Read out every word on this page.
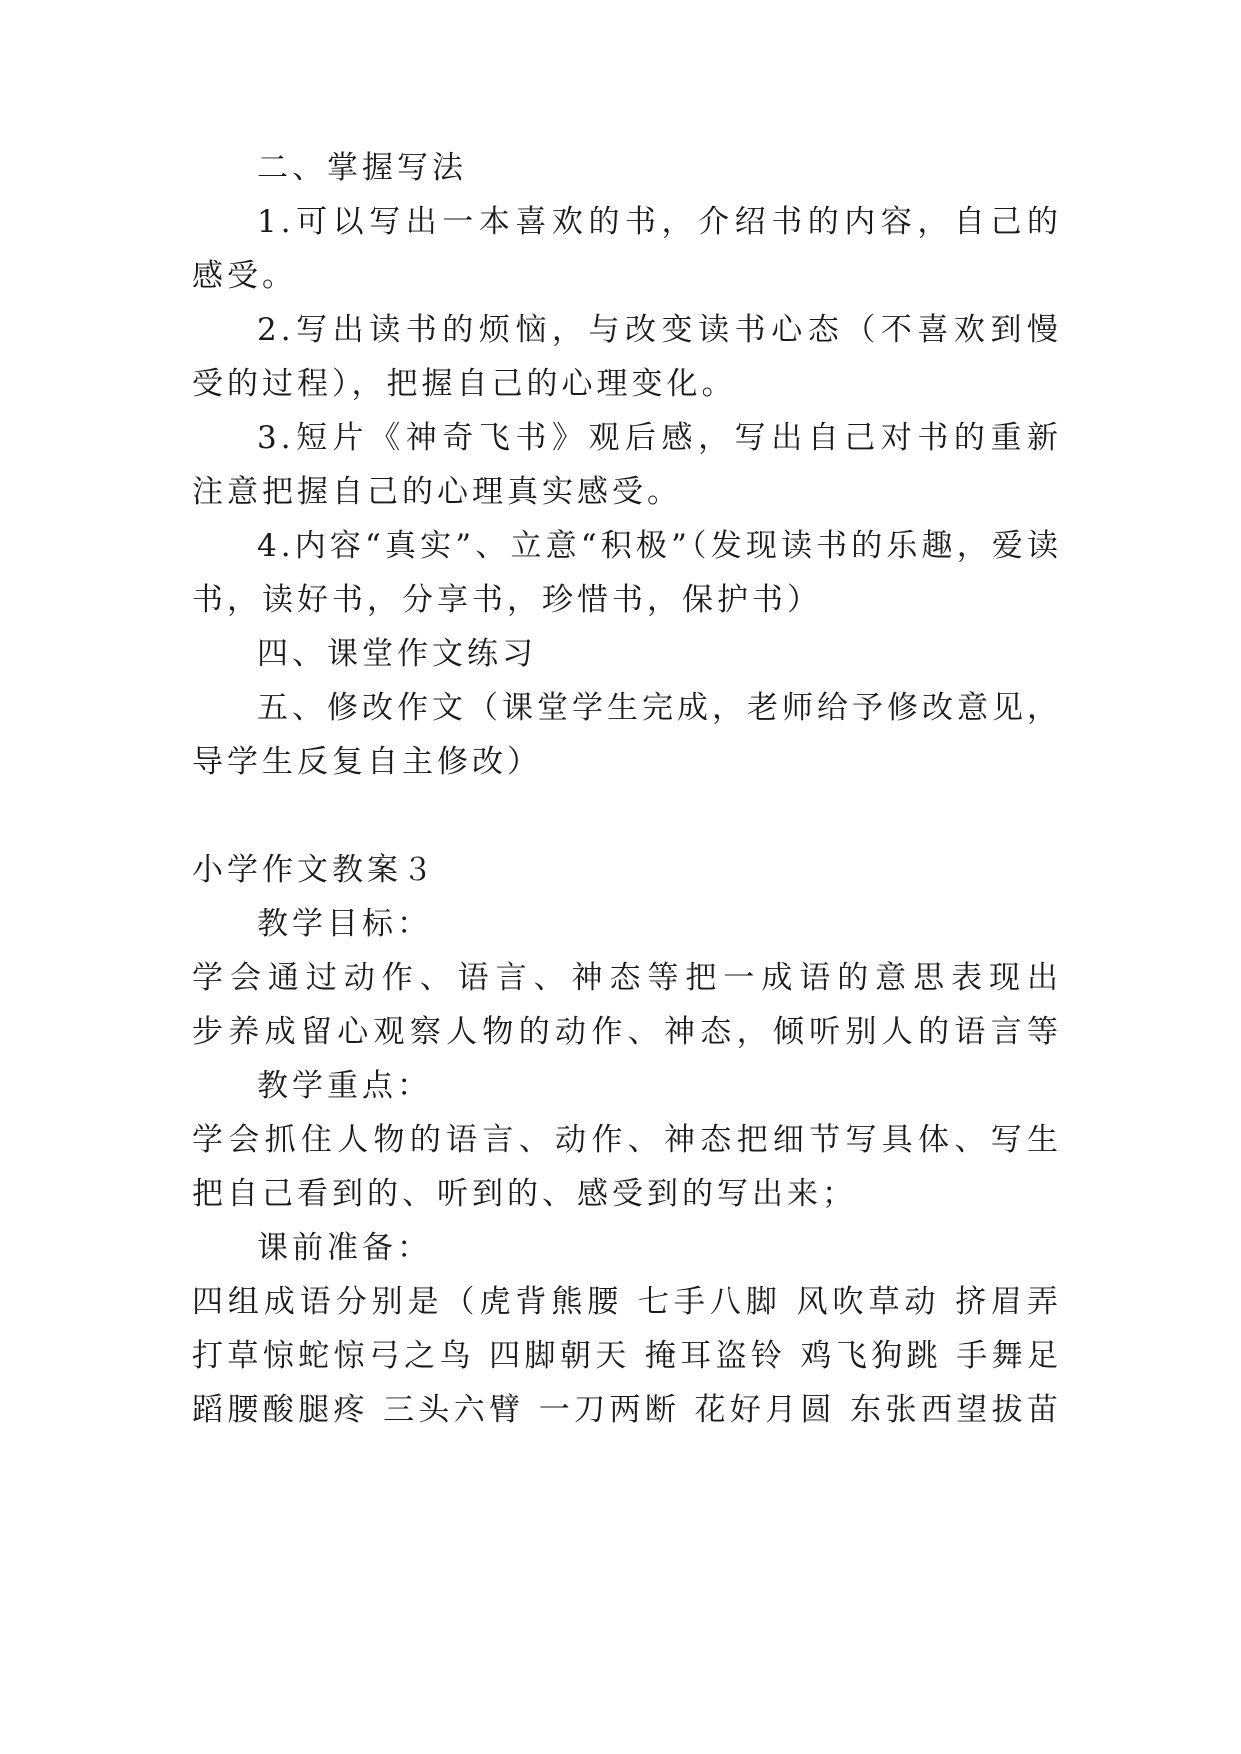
二、掌握写法
1.可以写出一本喜欢的书，介绍书的内容，自己的
感受。
2.写出读书的烦恼，与改变读书心态（不喜欢到慢
受的过程），把握自己的心理变化。
3.短片《神奇飞书》观后感，写出自己对书的重新
注意把握自己的心理真实感受。
4.内容“真实”、立意“积极”（发现读书的乐趣，爱读
书，读好书，分享书，珍惜书，保护书）
四、课堂作文练习
五、修改作文（课堂学生完成，老师给予修改意见，
导学生反复自主修改）
小学作文教案３
教学目标：
学会通过动作、语言、神态等把一成语的意思表现出
步养成留心观察人物的动作、神态，倾听别人的语言等
教学重点：
学会抓住人物的语言、动作、神态把细节写具体、写生
把自己看到的、听到的、感受到的写出来；
课前准备：
四组成语分别是（虎背熊腰 七手八脚 风吹草动 挤眉弄
打草惊蛇惊弓之鸟 四脚朝天 掩耳盗铃 鸡飞狗跳 手舞足
蹈腰酸腿疼 三头六臂 一刀两断 花好月圆 东张西望拔苗
